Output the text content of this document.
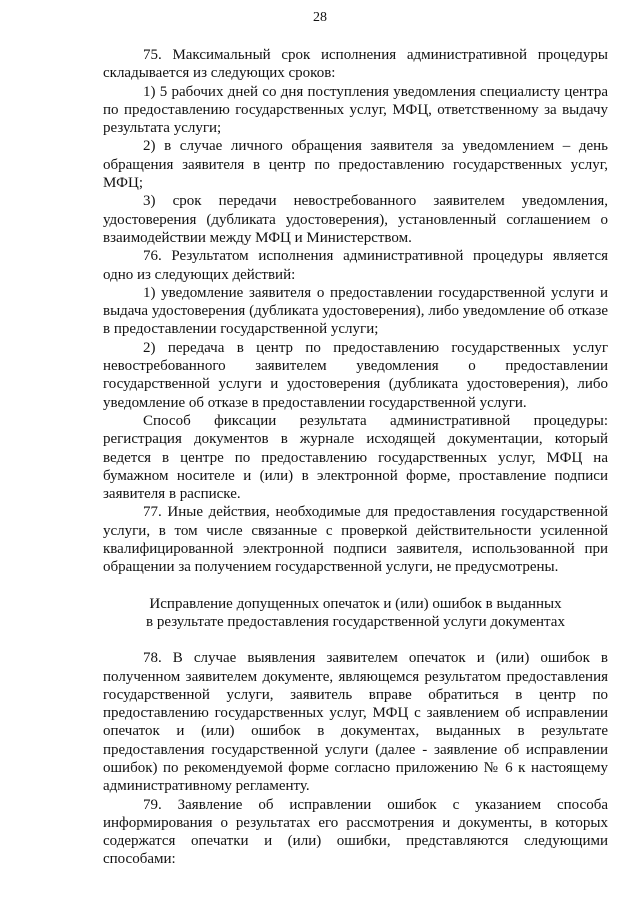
28

75. Максимальный срок исполнения административной процедуры складывается из следующих сроков:

1) 5 рабочих дней со дня поступления уведомления специалисту центра по предоставлению государственных услуг, МФЦ, ответственному за выдачу результата услуги;

2) в случае личного обращения заявителя за уведомлением – день обращения заявителя в центр по предоставлению государственных услуг, МФЦ;

3) срок передачи невостребованного заявителем уведомления, удостоверения (дубликата удостоверения), установленный соглашением о взаимодействии между МФЦ и Министерством.

76. Результатом исполнения административной процедуры является одно из следующих действий:

1) уведомление заявителя о предоставлении государственной услуги и выдача удостоверения (дубликата удостоверения), либо уведомление об отказе в предоставлении государственной услуги;

2) передача в центр по предоставлению государственных услуг невостребованного заявителем уведомления о предоставлении государственной услуги и удостоверения (дубликата удостоверения), либо уведомление об отказе в предоставлении государственной услуги.

Способ фиксации результата административной процедуры: регистрация документов в журнале исходящей документации, который ведется в центре по предоставлению государственных услуг, МФЦ на бумажном носителе и (или) в электронной форме, проставление подписи заявителя в расписке.

77. Иные действия, необходимые для предоставления государственной услуги, в том числе связанные с проверкой действительности усиленной квалифицированной электронной подписи заявителя, использованной при обращении за получением государственной услуги, не предусмотрены.

Исправление допущенных опечаток и (или) ошибок в выданных
в результате предоставления государственной услуги документах

78. В случае выявления заявителем опечаток и (или) ошибок в полученном заявителем документе, являющемся результатом предоставления государственной услуги, заявитель вправе обратиться в центр по предоставлению государственных услуг, МФЦ с заявлением об исправлении опечаток и (или) ошибок в документах, выданных в результате предоставления государственной услуги (далее - заявление об исправлении ошибок) по рекомендуемой форме согласно приложению № 6 к настоящему административному регламенту.

79. Заявление об исправлении ошибок с указанием способа информирования о результатах его рассмотрения и документы, в которых содержатся опечатки и (или) ошибки, представляются следующими способами:
